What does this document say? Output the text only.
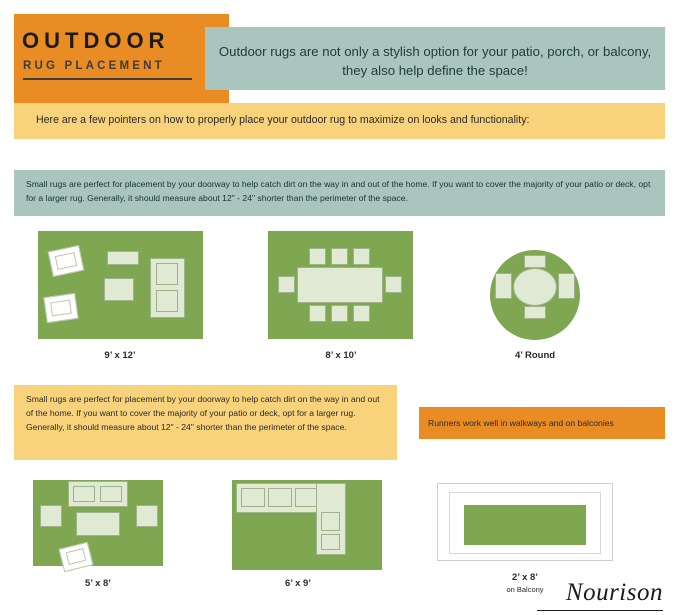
OUTDOOR
RUG PLACEMENT
Outdoor rugs are not only a stylish option for your patio, porch, or balcony, they also help define the space!
Here are a few pointers on how to properly place your outdoor rug to maximize on looks and functionality:
Small rugs are perfect for placement by your doorway to help catch dirt on the way in and out of the home. If you want to cover the majority of your patio or deck, opt for a larger rug. Generally, it should measure about 12" - 24" shorter than the perimeter of the space.
9’ x 12’	8’ x 10’	4’ Round
Small rugs are perfect for placement by your doorway to help catch dirt on the way in and out of the home. If you want to cover the majority of your patio or deck, opt for a larger rug. Generally, it should measure about 12" - 24" shorter than the perimeter of the space.	Runners work well in walkways and on balconies
5’ x 8’	6’ x 9’
2’ x 8’
on Balcony Nourison
